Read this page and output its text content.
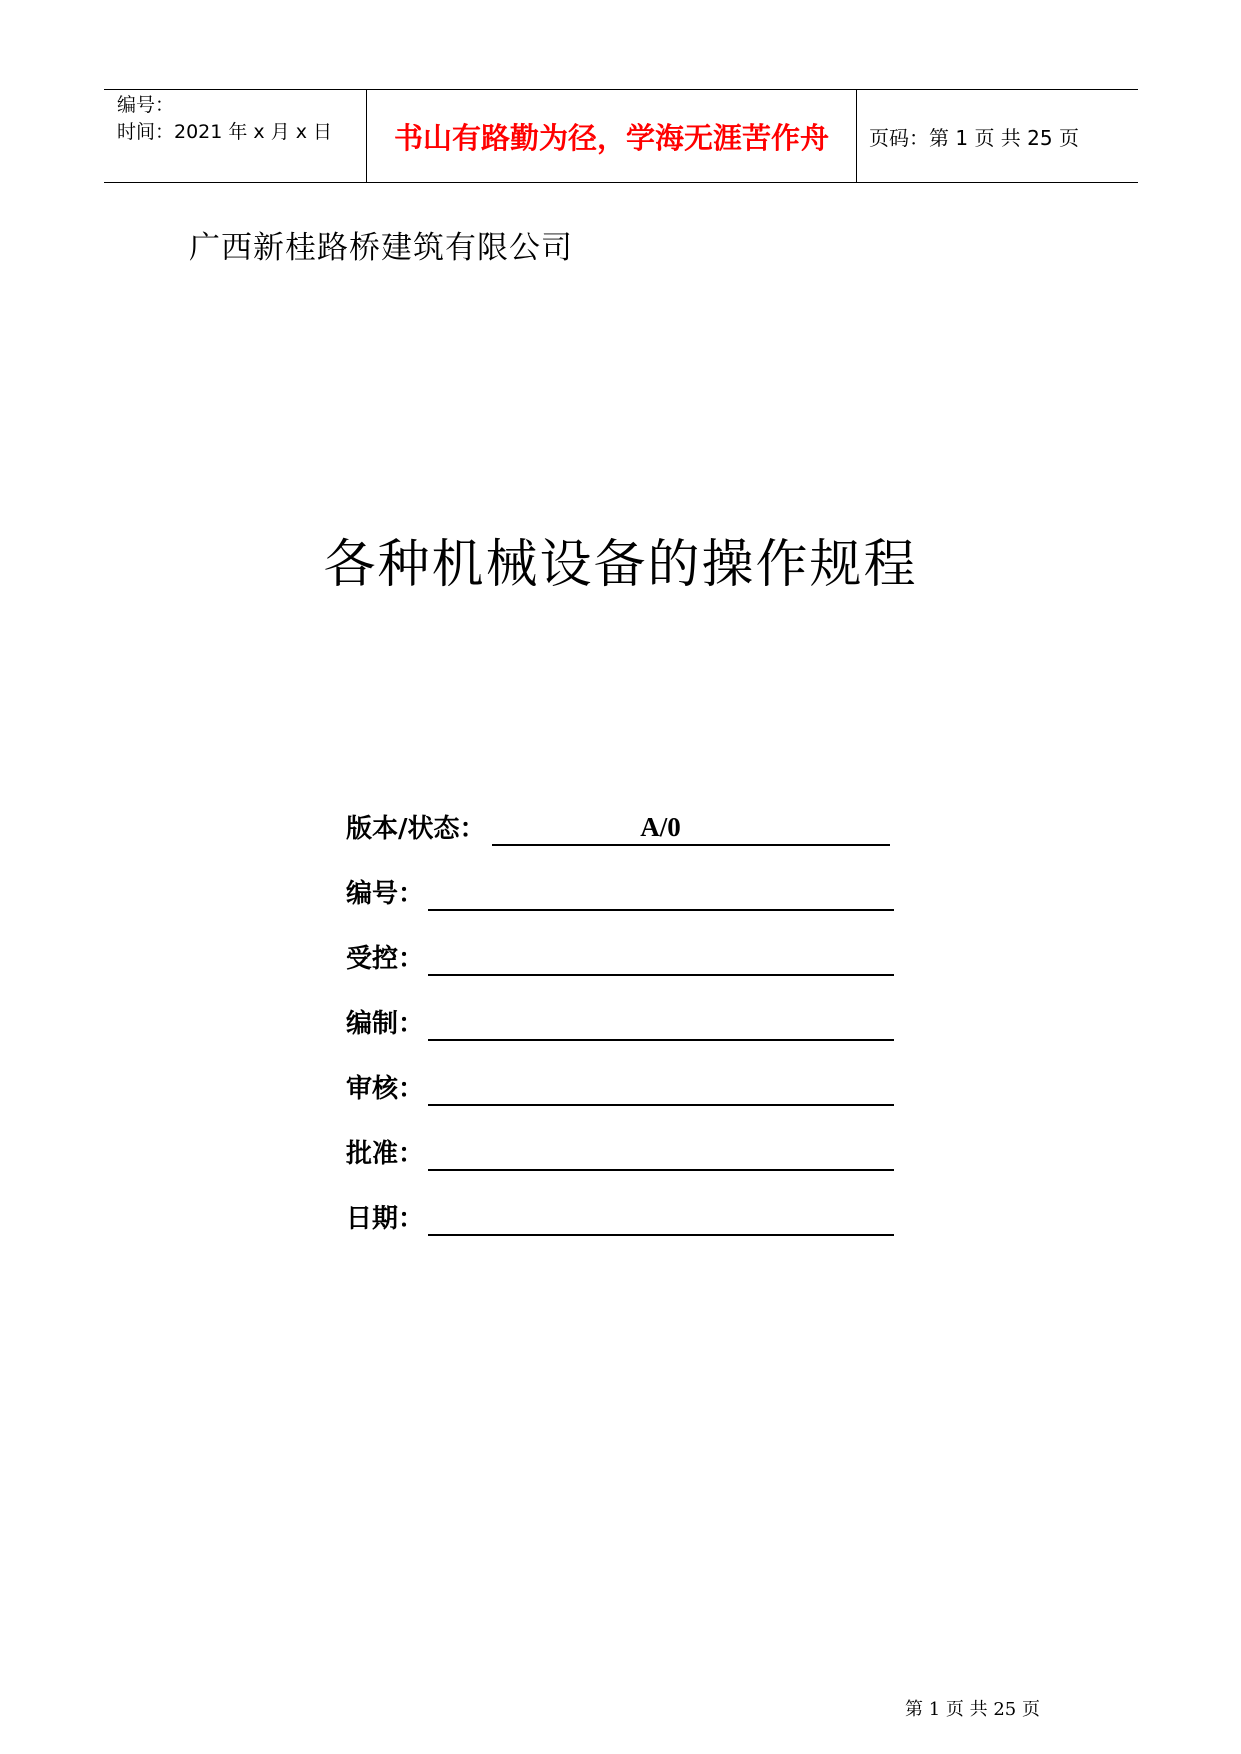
编号：
时间：2021 年 x 月 x 日	书山有路勤为径，学海无涯苦作舟 页码：第 1 页 共 25 页
广西新桂路桥建筑有限公司
各种机械设备的操作规程
版本/状态：	A/0
编号：
受控：
编制：
审核：
批准：
日期：
第 1 页 共 25 页
